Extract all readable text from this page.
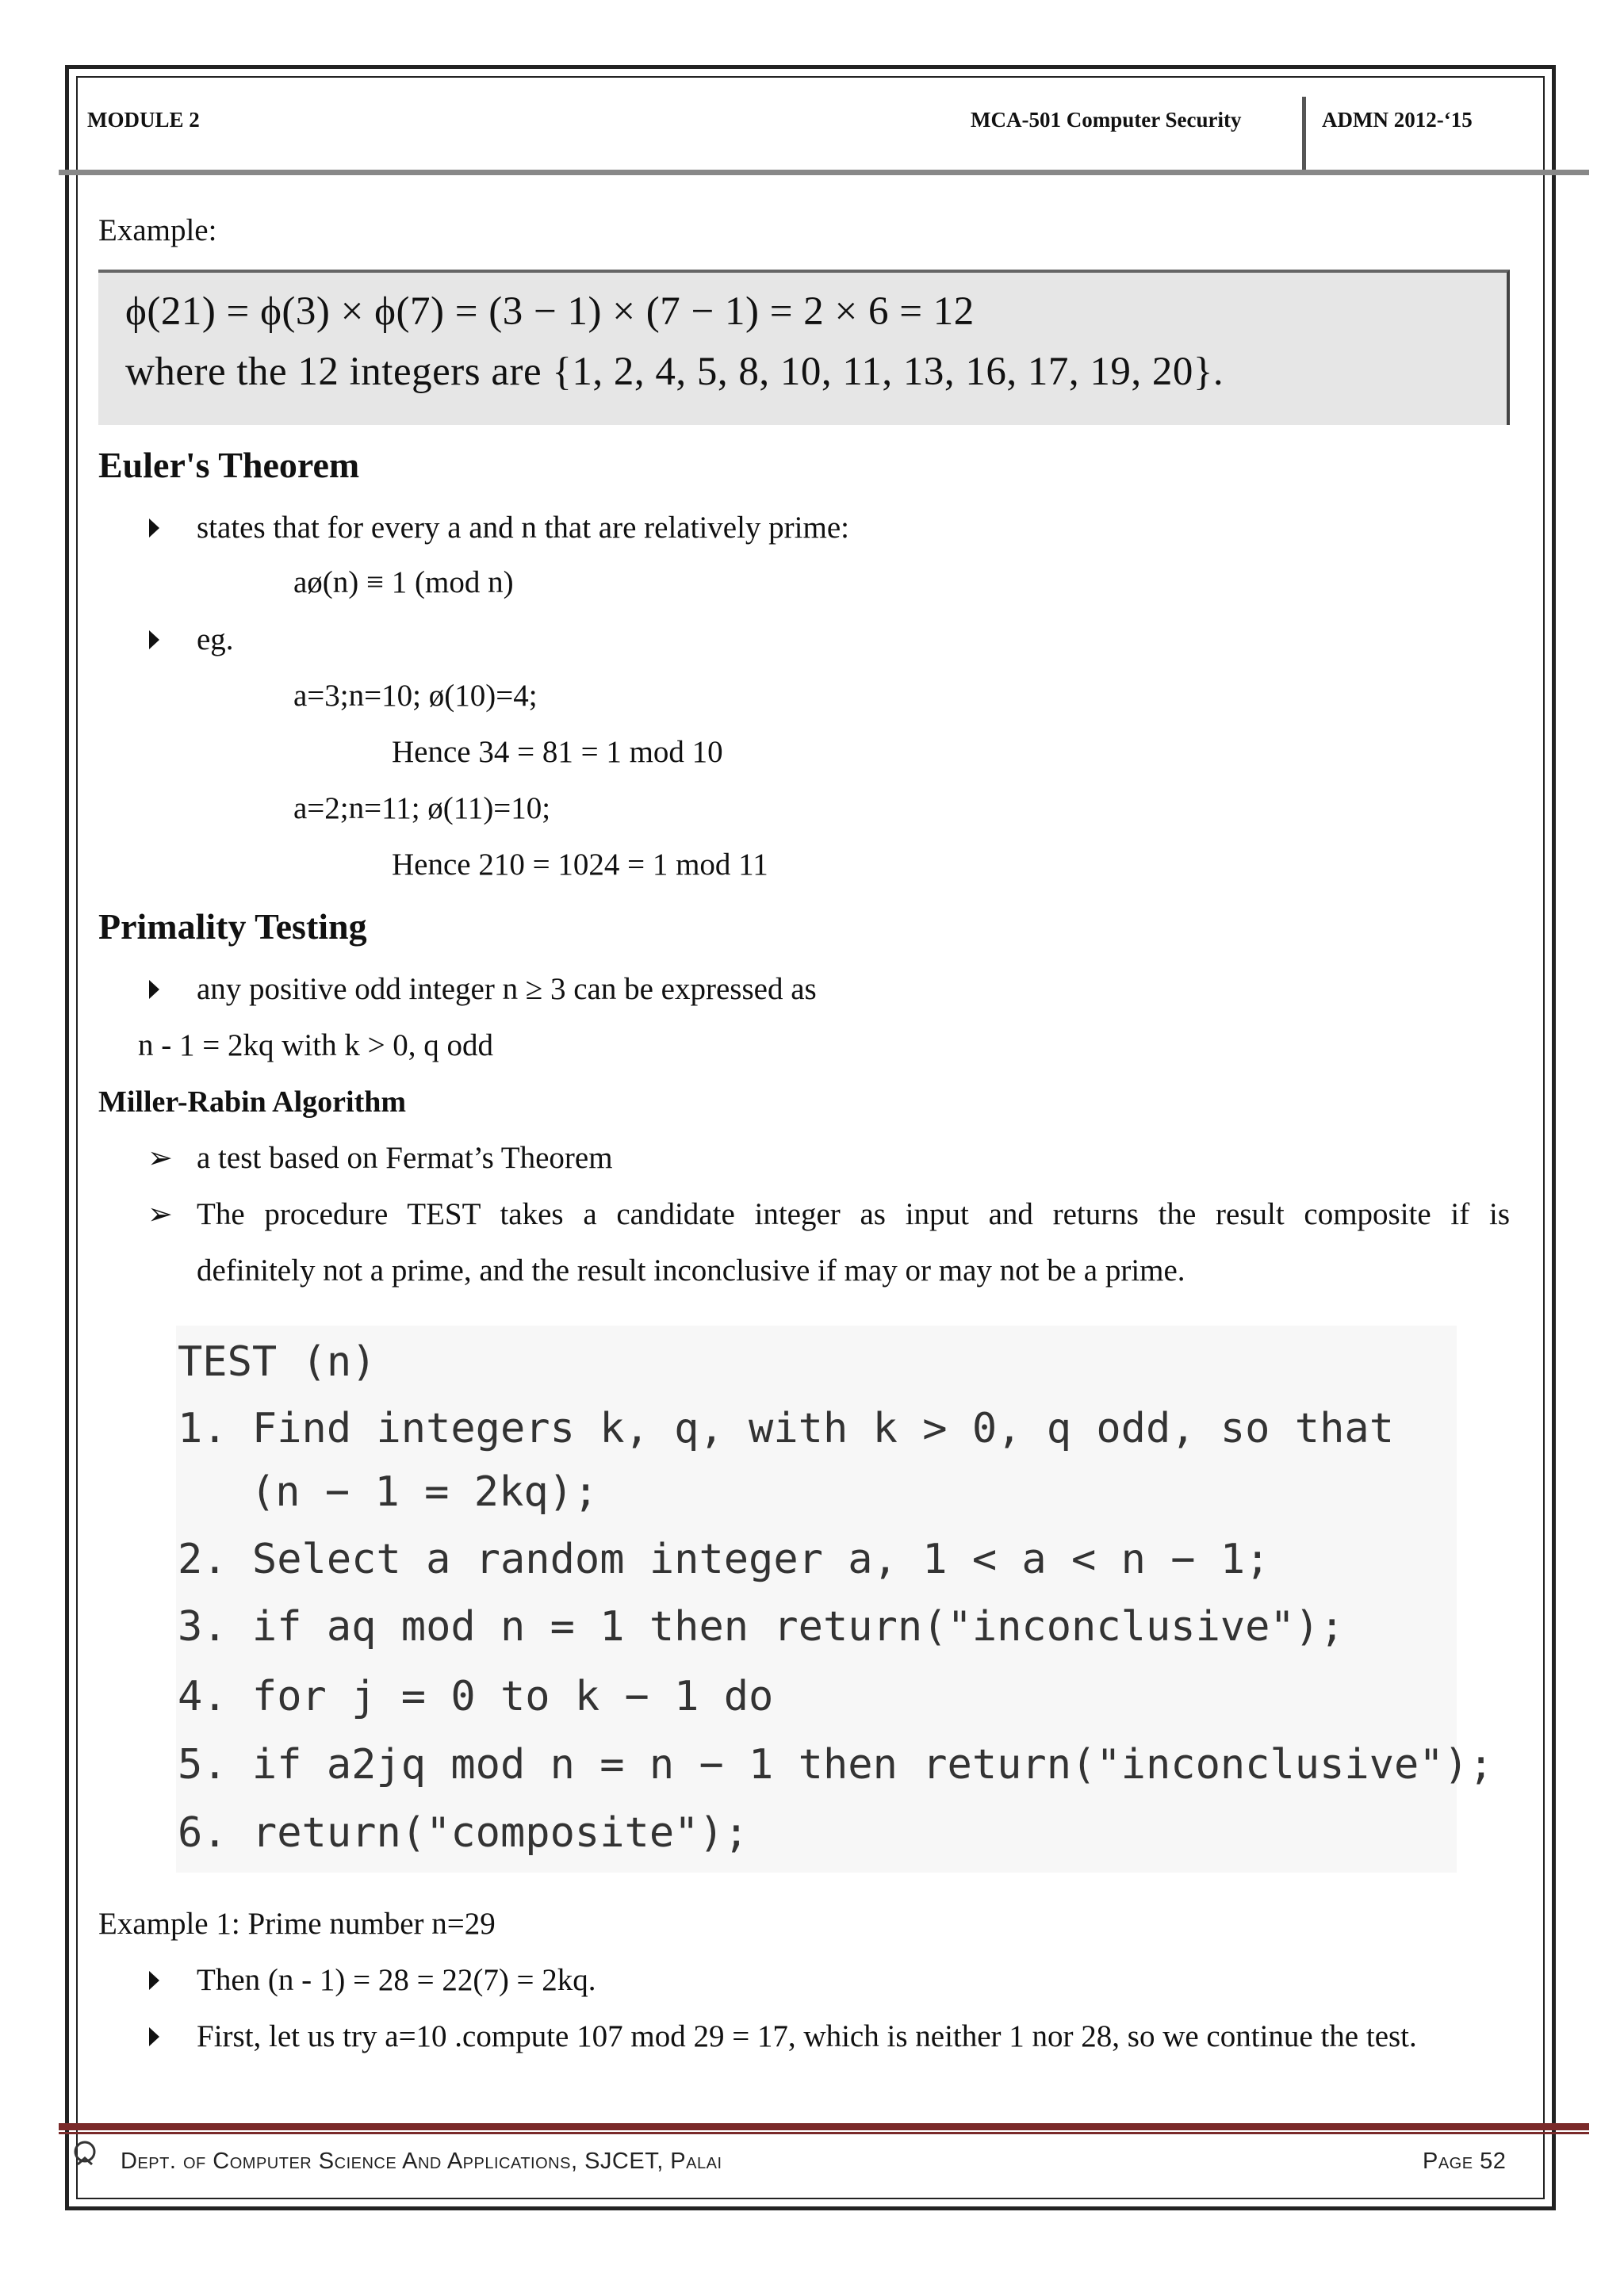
MODULE 2	MCA-501 Computer Security	ADMN 2012-‘15
Example:
ϕ(21) = ϕ(3) × ϕ(7) = (3 − 1) × (7 − 1) = 2 × 6 = 12
where the 12 integers are {1, 2, 4, 5, 8, 10, 11, 13, 16, 17, 19, 20}.
Euler's Theorem
states that for every a and n that are relatively prime:
aø(n) ≡ 1 (mod n)
eg.
a=3;n=10; ø(10)=4;
Hence 34 = 81 = 1 mod 10
a=2;n=11; ø(11)=10;
Hence 210 = 1024 = 1 mod 11
Primality Testing
any positive odd integer n ≥ 3 can be expressed as
n - 1 = 2kq with k > 0, q odd
Miller-Rabin Algorithm
➢ a test based on Fermat’s Theorem
➢ The procedure TEST takes a candidate integer as input and returns the result composite if is
definitely not a prime, and the result inconclusive if may or may not be a prime.
TEST (n)
1. Find integers k, q, with k > 0, q odd, so that
(n − 1 = 2kq);
2. Select a random integer a, 1 < a < n − 1;
3. if aq mod n = 1 then return("inconclusive");
4. for j = 0 to k − 1 do
5. if a2jq mod n = n − 1 then return("inconclusive");
6. return("composite");
Example 1: Prime number n=29
Then (n - 1) = 28 = 22(7) = 2kq.
First, let us try a=10 .compute 107 mod 29 = 17, which is neither 1 nor 28, so we continue the test.
Dept. of Computer Science And Applications, SJCET, Palai	Page 52
